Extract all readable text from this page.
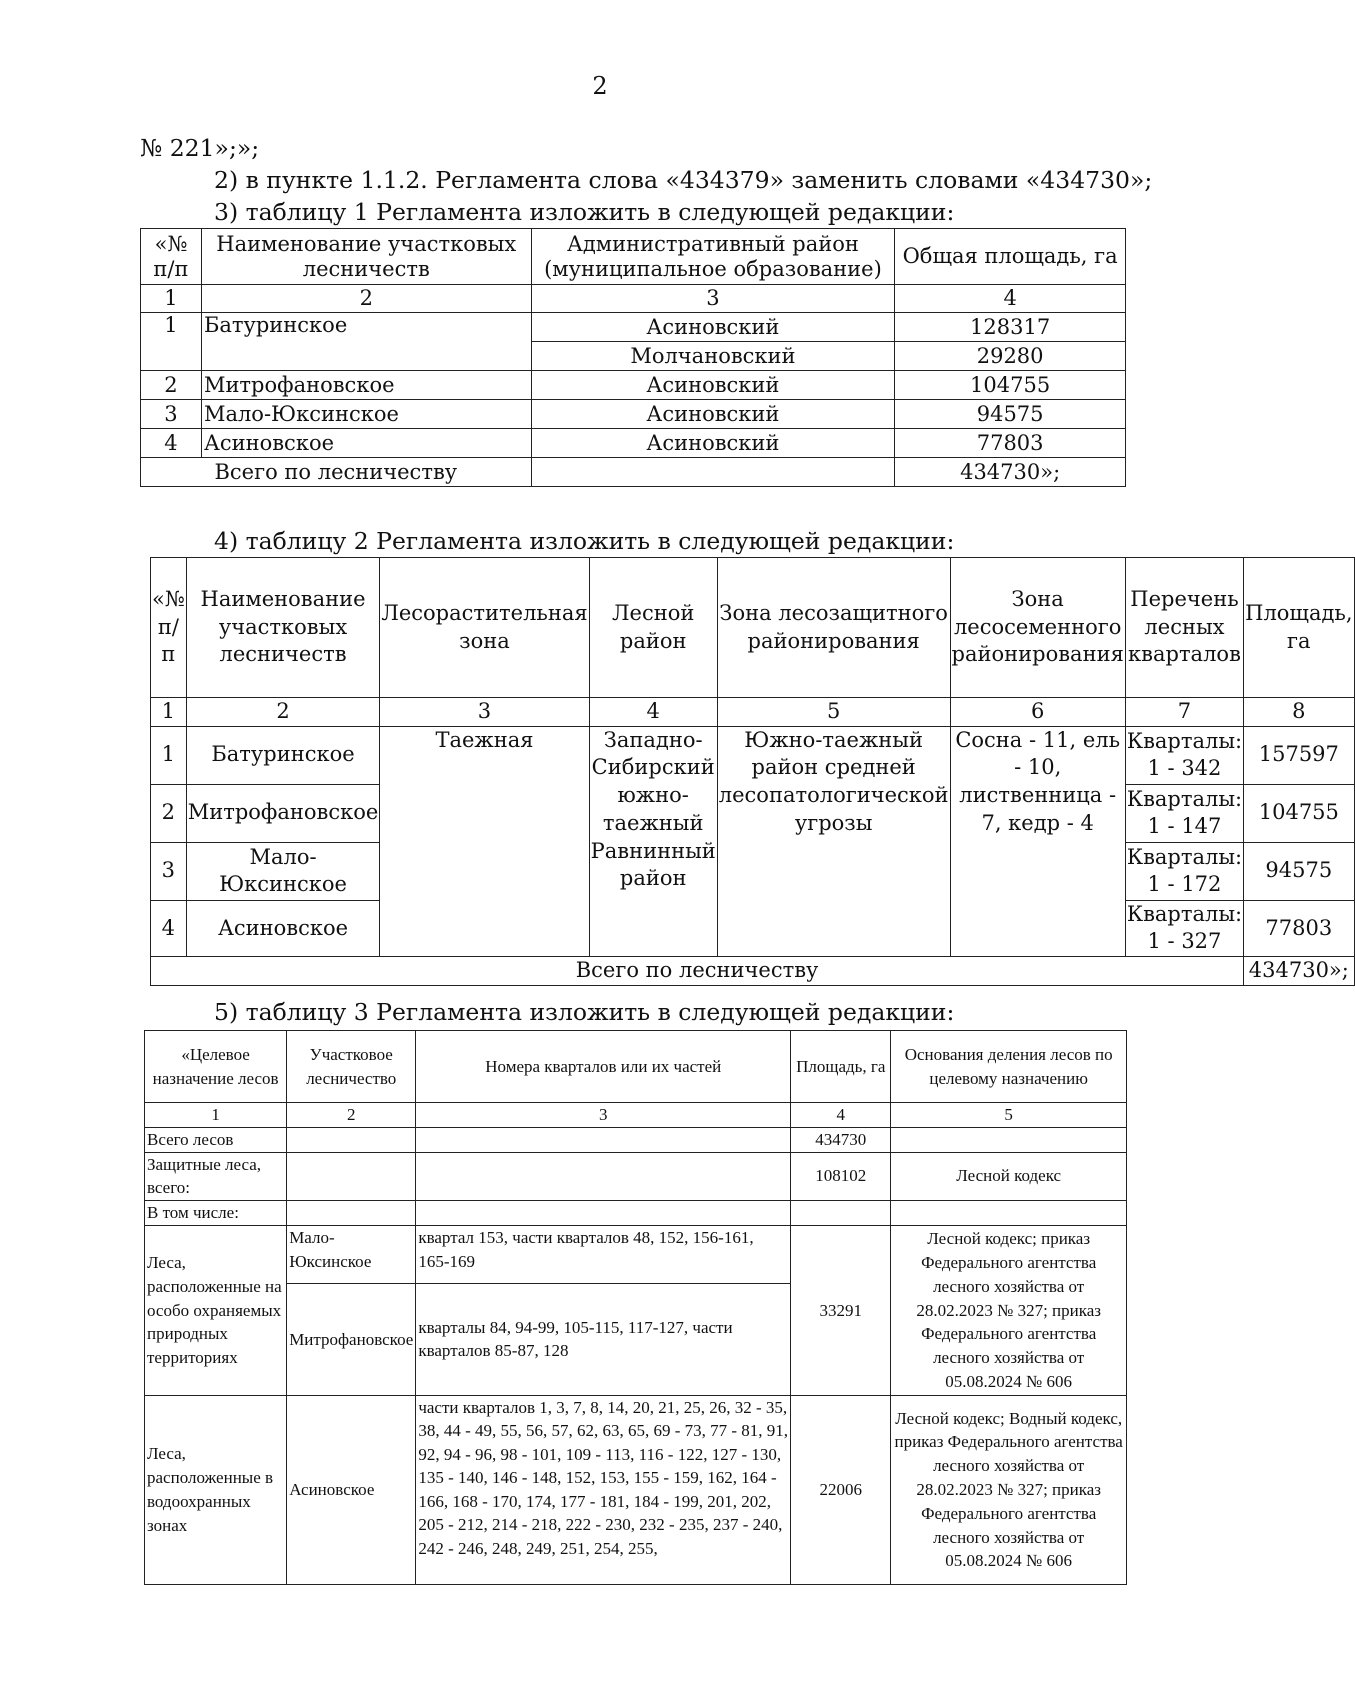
2
№ 221»;»;
2) в пункте 1.1.2. Регламента слова «434379» заменить словами «434730»;
3) таблицу 1 Регламента изложить в следующей редакции:
«№ п/п	Наименование участковых лесничеств	Административный район (муниципальное образование)	Общая площадь, га
1	2	3	4
1	Батуринское	Асиновский	128317
		Молчановский	29280
2	Митрофановское	Асиновский	104755
3	Мало-Юксинское	Асиновский	94575
4	Асиновское	Асиновский	77803
Всего по лесничеству			434730»;
4) таблицу 2 Регламента изложить в следующей редакции:
«№ п/п	Наименование участковых лесничеств	Лесорастительная зона	Лесной район	Зона лесозащитного районирования	Зона лесосеменного районирования	Перечень лесных кварталов	Площадь, га
1	2	3	4	5	6	7	8
1	Батуринское	Таежная	Западно-Сибирский южно-таежный Равнинный район	Южно-таежный район средней лесопатологической угрозы	Сосна - 11, ель - 10, лиственница - 7, кедр - 4	Кварталы: 1 - 342	157597
2	Митрофановское					Кварталы: 1 - 147	104755
3	Мало-Юксинское					Кварталы: 1 - 172	94575
4	Асиновское					Кварталы: 1 - 327	77803
Всего по лесничеству							434730»;
5) таблицу 3 Регламента изложить в следующей редакции:
«Целевое назначение лесов	Участковое лесничество	Номера кварталов или их частей	Площадь, га	Основания деления лесов по целевому назначению
1	2	3	4	5
Всего лесов			434730	
Защитные леса, всего:			108102	Лесной кодекс
В том числе:				
Леса, расположенные на особо охраняемых природных территориях	Мало-Юксинское	квартал 153, части кварталов 48, 152, 156-161, 165-169	33291	Лесной кодекс; приказ Федерального агентства лесного хозяйства от 28.02.2023 № 327; приказ Федерального агентства лесного хозяйства от 05.08.2024 № 606
	Митрофановское	кварталы 84, 94-99, 105-115, 117-127, части кварталов 85-87, 128		
Леса, расположенные в водоохранных зонах	Асиновское	части кварталов 1, 3, 7, 8, 14, 20, 21, 25, 26, 32 - 35, 38, 44 - 49, 55, 56, 57, 62, 63, 65, 69 - 73, 77 - 81, 91, 92, 94 - 96, 98 - 101, 109 - 113, 116 - 122, 127 - 130, 135 - 140, 146 - 148, 152, 153, 155 - 159, 162, 164 - 166, 168 - 170, 174, 177 - 181, 184 - 199, 201, 202, 205 - 212, 214 - 218, 222 - 230, 232 - 235, 237 - 240, 242 - 246, 248, 249, 251, 254, 255,	22006	Лесной кодекс; Водный кодекс, приказ Федерального агентства лесного хозяйства от 28.02.2023 № 327; приказ Федерального агентства лесного хозяйства от 05.08.2024 № 606
